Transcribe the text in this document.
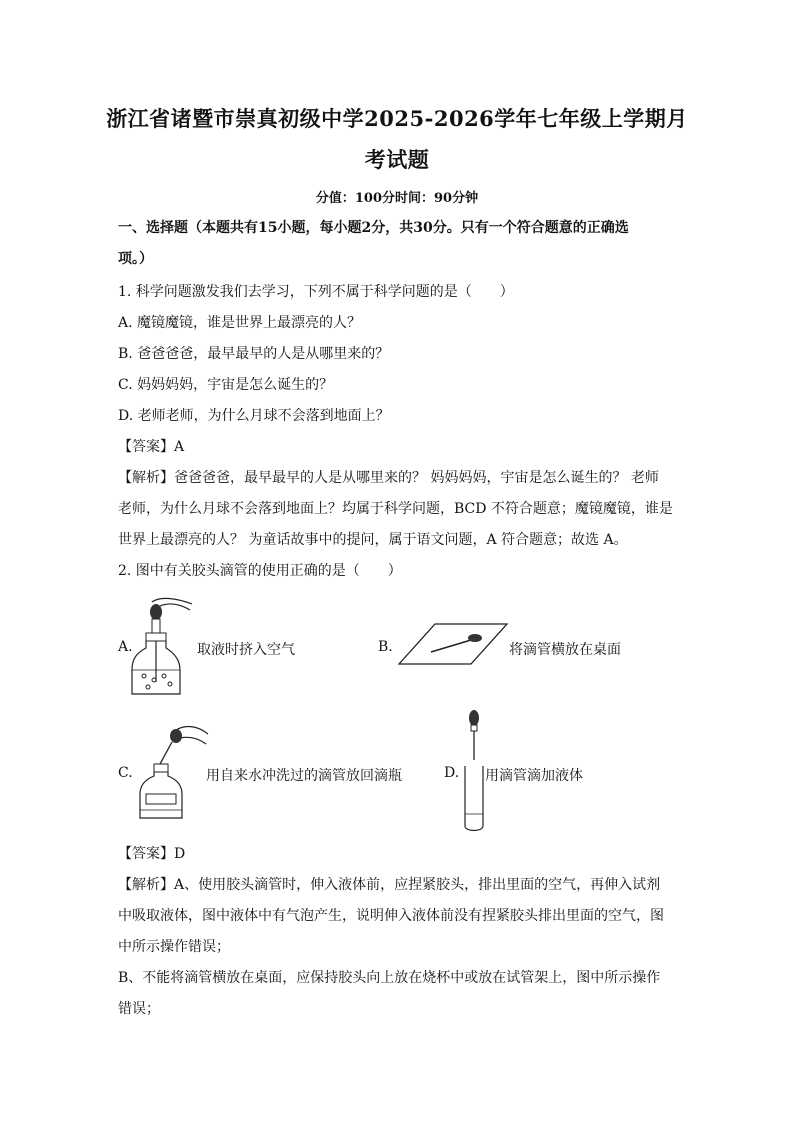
浙江省诸暨市崇真初级中学2025-2026学年七年级上学期月
考试题
分值：100分时间：90分钟
一、选择题（本题共有15小题，每小题2分，共30分。只有一个符合题意的正确选
项。）
1. 科学问题激发我们去学习，下列不属于科学问题的是（　　）
A. 魔镜魔镜，谁是世界上最漂亮的人？
B. 爸爸爸爸，最早最早的人是从哪里来的？
C. 妈妈妈妈，宇宙是怎么诞生的？
D. 老师老师，为什么月球不会落到地面上？
【答案】A
【解析】爸爸爸爸，最早最早的人是从哪里来的？ 妈妈妈妈，宇宙是怎么诞生的？ 老师
老师，为什么月球不会落到地面上？均属于科学问题，BCD 不符合题意；魔镜魔镜，谁是
世界上最漂亮的人？ 为童话故事中的提问，属于语文问题，A 符合题意；故选 A。
2. 图中有关胶头滴管的使用正确的是（　　）
A.	取液时挤入空气	B.	将滴管横放在桌面
C.	用自来水冲洗过的滴管放回滴瓶	D. 用滴管滴加液体
【答案】D
【解析】A、使用胶头滴管时，伸入液体前，应捏紧胶头，排出里面的空气，再伸入试剂
中吸取液体，图中液体中有气泡产生，说明伸入液体前没有捏紧胶头排出里面的空气，图
中所示操作错误；
B、不能将滴管横放在桌面，应保持胶头向上放在烧杯中或放在试管架上，图中所示操作
错误；
